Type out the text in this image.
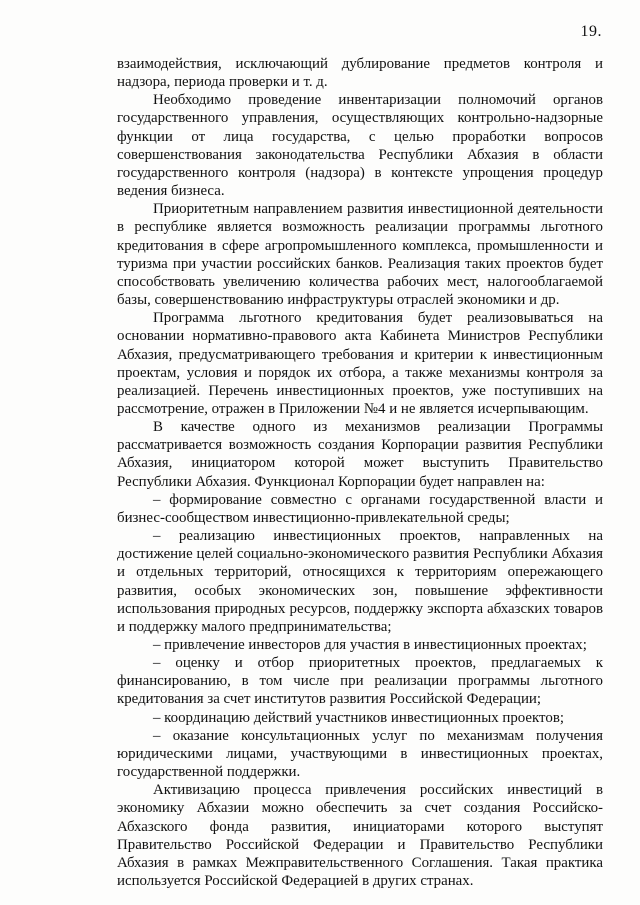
19.

взаимодействия, исключающий дублирование предметов контроля и надзора, периода проверки и т. д.

Необходимо проведение инвентаризации полномочий органов государственного управления, осуществляющих контрольно-надзорные функции от лица государства, с целью проработки вопросов совершенствования законодательства Республики Абхазия в области государственного контроля (надзора) в контексте упрощения процедур ведения бизнеса.

Приоритетным направлением развития инвестиционной деятельности в республике является возможность реализации программы льготного кредитования в сфере агропромышленного комплекса, промышленности и туризма при участии российских банков. Реализация таких проектов будет способствовать увеличению количества рабочих мест, налогооблагаемой базы, совершенствованию инфраструктуры отраслей экономики и др.

Программа льготного кредитования будет реализовываться на основании нормативно-правового акта Кабинета Министров Республики Абхазия, предусматривающего требования и критерии к инвестиционным проектам, условия и порядок их отбора, а также механизмы контроля за реализацией. Перечень инвестиционных проектов, уже поступивших на рассмотрение, отражен в Приложении №4 и не является исчерпывающим.

В качестве одного из механизмов реализации Программы рассматривается возможность создания Корпорации развития Республики Абхазия, инициатором которой может выступить Правительство Республики Абхазия. Функционал Корпорации будет направлен на:

– формирование совместно с органами государственной власти и бизнес-сообществом инвестиционно-привлекательной среды;

– реализацию инвестиционных проектов, направленных на достижение целей социально-экономического развития Республики Абхазия и отдельных территорий, относящихся к территориям опережающего развития, особых экономических зон, повышение эффективности использования природных ресурсов, поддержку экспорта абхазских товаров и поддержку малого предпринимательства;

– привлечение инвесторов для участия в инвестиционных проектах;

– оценку и отбор приоритетных проектов, предлагаемых к финансированию, в том числе при реализации программы льготного кредитования за счет институтов развития Российской Федерации;

– координацию действий участников инвестиционных проектов;

– оказание консультационных услуг по механизмам получения юридическими лицами, участвующими в инвестиционных проектах, государственной поддержки.

Активизацию процесса привлечения российских инвестиций в экономику Абхазии можно обеспечить за счет создания Российско-Абхазского фонда развития, инициаторами которого выступят Правительство Российской Федерации и Правительство Республики Абхазия в рамках Межправительственного Соглашения. Такая практика используется Российской Федерацией в других странах.
